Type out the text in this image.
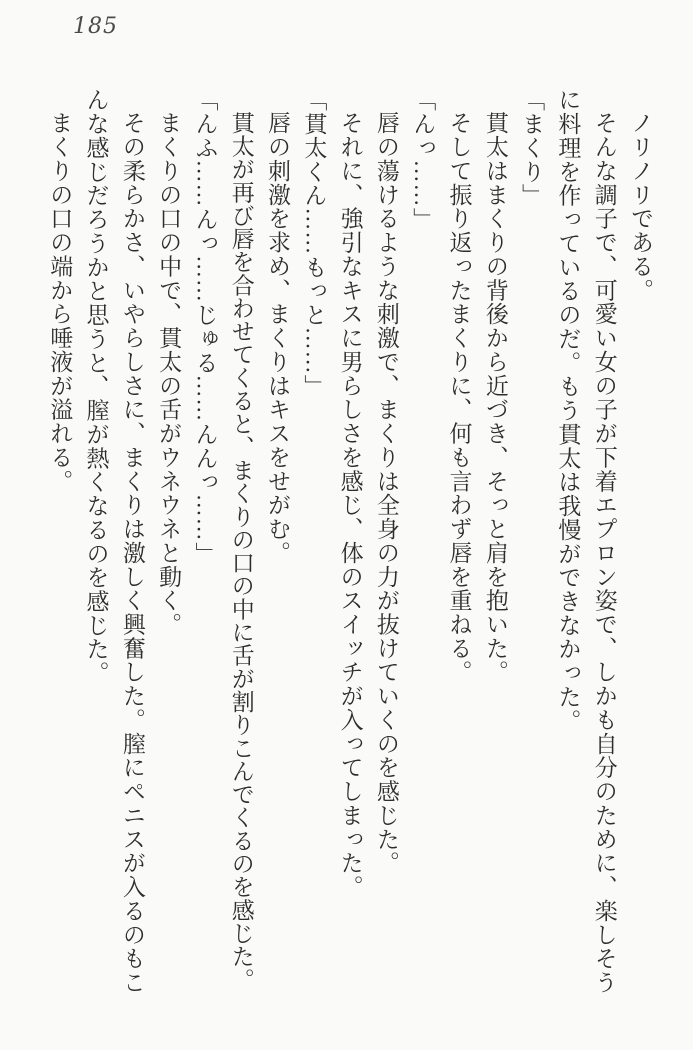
185

ノリノリである。

そんな調子で、可愛い女の子が下着エプロン姿で、しかも自分のために、楽しそうに料理を作っているのだ。もう貫太は我慢ができなかった。

「まくり」

貫太はまくりの背後から近づき、そっと肩を抱いた。

そして振り返ったまくりに、何も言わず唇を重ねる。

「んっ……」

唇の蕩けるような刺激で、まくりは全身の力が抜けていくのを感じた。

それに、強引なキスに男らしさを感じ、体のスイッチが入ってしまった。

「貫太くん……もっと……」

唇の刺激を求め、まくりはキスをせがむ。

貫太が再び唇を合わせてくると、まくりの口の中に舌が割りこんでくるのを感じた。

「んふ……んっ……じゅる……んんっ……」

まくりの口の中で、貫太の舌がウネウネと動く。

その柔らかさ、いやらしさに、まくりは激しく興奮した。膣にペニスが入るのもこんな感じだろうかと思うと、膣が熱くなるのを感じた。

まくりの口の端から唾液が溢れる。
